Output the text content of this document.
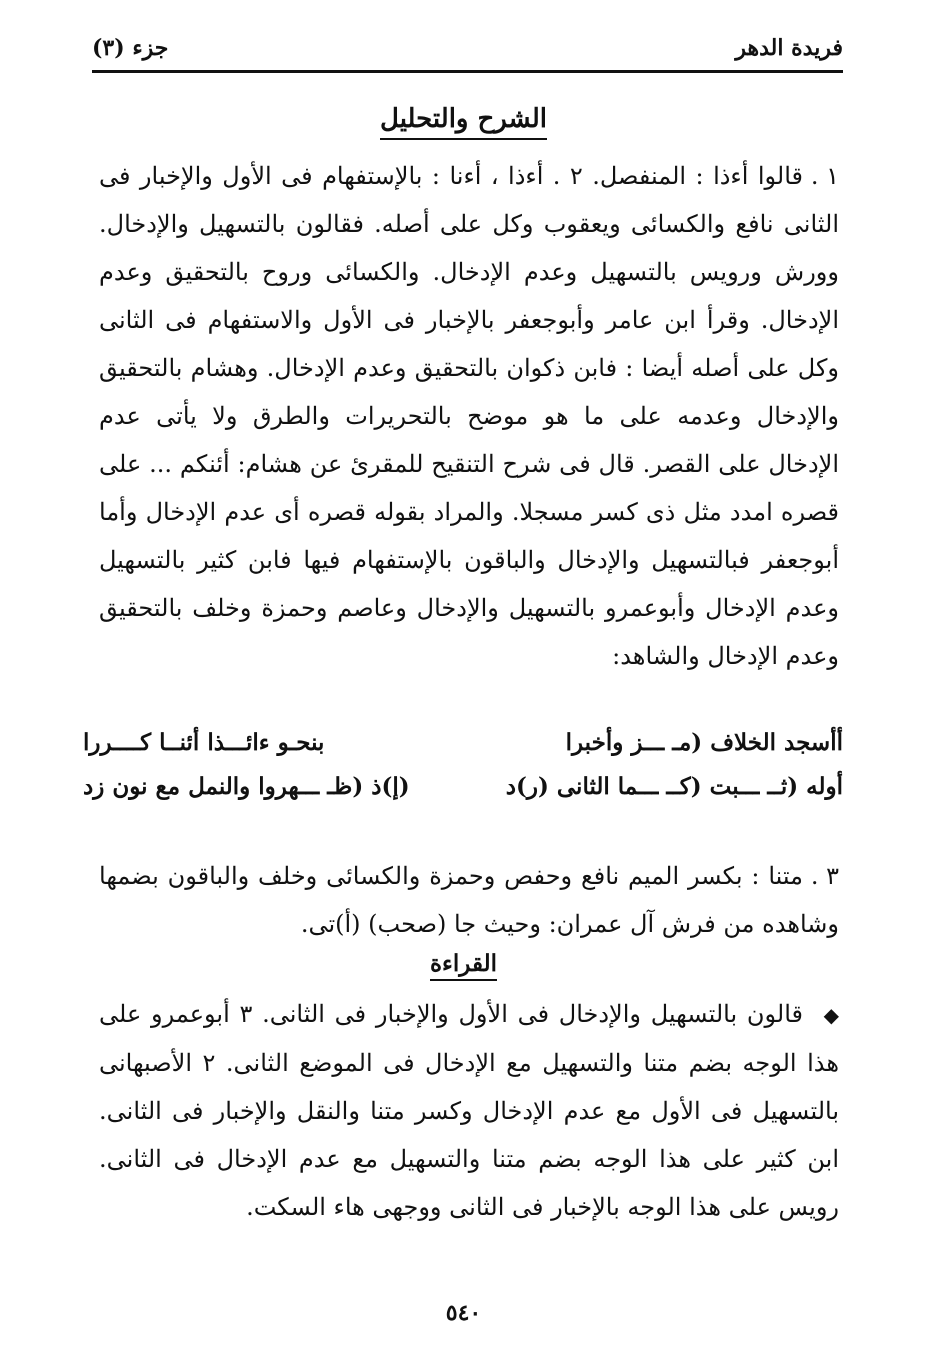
فريدة الدهر
جزء (٣)
الشرح والتحليل
١ .قالوا أءذا : المنفصل. ٢ . أءذا ، أءنا : بالإستفهام فى الأول والإخبار فى الثانى نافع والكسائى ويعقوب وكل على أصله. فقالون بالتسهيل والإدخال. وورش ورويس بالتسهيل وعدم الإدخال. والكسائى وروح بالتحقيق وعدم الإدخال. وقرأ ابن عامر وأبوجعفر بالإخبار فى الأول والاستفهام فى الثانى وكل على أصله أيضا : فابن ذكوان بالتحقيق وعدم الإدخال. وهشام بالتحقيق والإدخال وعدمه على ما هو موضح بالتحريرات والطرق ولا يأتى عدم الإدخال على القصر. قال فى شرح التنقيح للمقرئ عن هشام: أئنكم ... على قصره امدد مثل ذى كسر مسجلا. والمراد بقوله قصره أى عدم الإدخال وأما أبوجعفر فبالتسهيل والإدخال والباقون بالإستفهام فيها فابن كثير بالتسهيل وعدم الإدخال وأبوعمرو بالتسهيل والإدخال وعاصم وحمزة وخلف بالتحقيق وعدم الإدخال والشاهد:
أأسجد الخلاف (مـ ـــز وأخبرا
بنحـو ءائـــذا أئنــا كــــررا
أوله (ثــ ـــبت (كــ ـــما الثانى (ر)د
(إ)ذ (ظـ ـــهروا والنمل مع نون زد
٣ .متنا : بكسر الميم نافع وحفص وحمزة والكسائى وخلف والباقون بضمها وشاهده من فرش آل عمران: وحيث جا (صحب) (أ)تى.
القراءة
◆قالون بالتسهيل والإدخال فى الأول والإخبار فى الثانى. ٣ أبوعمرو على هذا الوجه بضم متنا والتسهيل مع الإدخال فى الموضع الثانى. ٢ الأصبهانى بالتسهيل فى الأول مع عدم الإدخال وكسر متنا والنقل والإخبار فى الثانى. ابن كثير على هذا الوجه بضم متنا والتسهيل مع عدم الإدخال فى الثانى. رويس على هذا الوجه بالإخبار فى الثانى ووجهى هاء السكت.
٥٤٠
